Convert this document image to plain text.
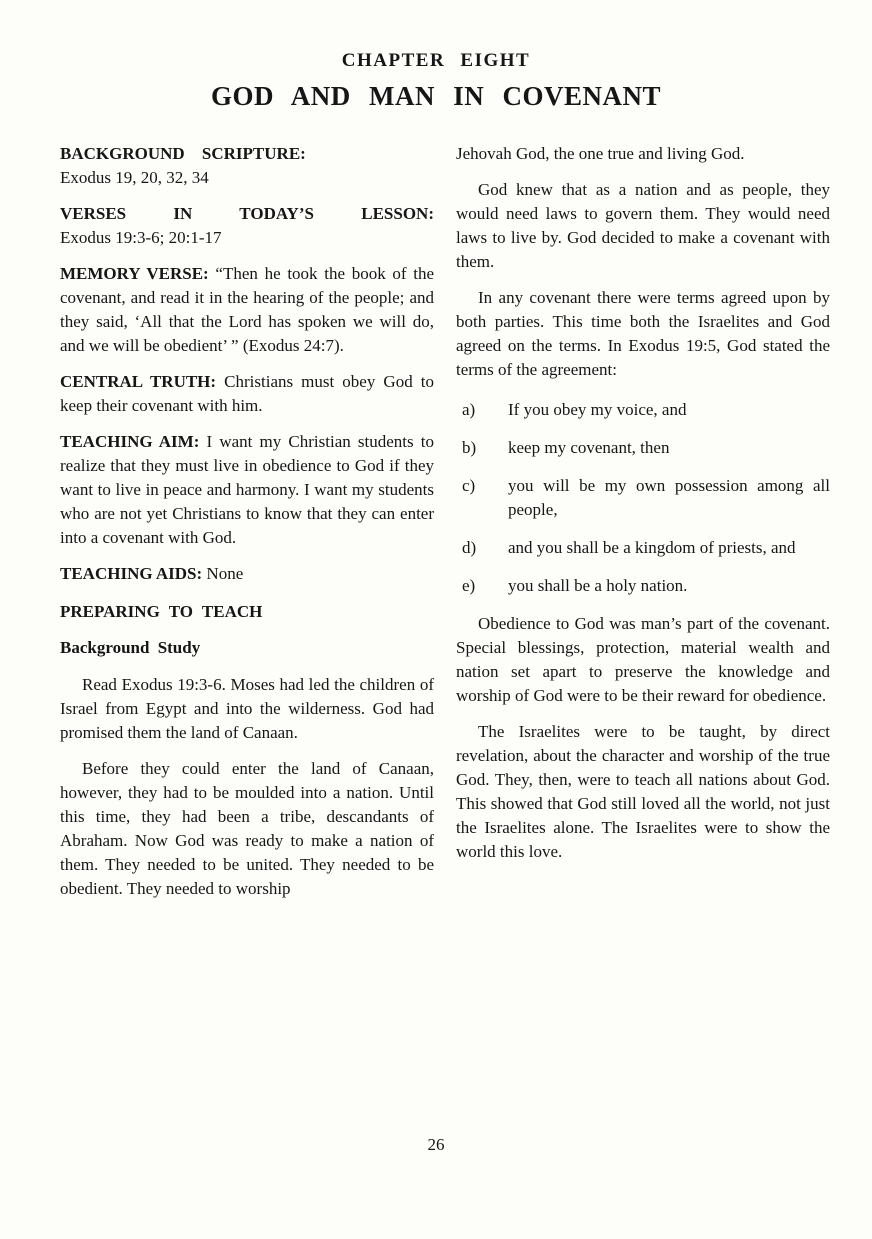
CHAPTER EIGHT
GOD AND MAN IN COVENANT

BACKGROUND SCRIPTURE:
Exodus 19, 20, 32, 34

VERSES IN TODAY’S LESSON:
Exodus 19:3-6; 20:1-17

MEMORY VERSE: “Then he took the book of the covenant, and read it in the hearing of the people; and they said, ‘All that the Lord has spoken we will do, and we will be obedient’ ” (Exodus 24:7).

CENTRAL TRUTH: Christians must obey God to keep their covenant with him.

TEACHING AIM: I want my Christian students to realize that they must live in obedience to God if they want to live in peace and harmony. I want my students who are not yet Christians to know that they can enter into a covenant with God.

TEACHING AIDS: None

PREPARING TO TEACH
Background Study

Read Exodus 19:3-6. Moses had led the children of Israel from Egypt and into the wilderness. God had promised them the land of Canaan.

Before they could enter the land of Canaan, however, they had to be moulded into a nation. Until this time, they had been a tribe, descandants of Abraham. Now God was ready to make a nation of them. They needed to be united. They needed to be obedient. They needed to worship

Jehovah God, the one true and living God.

God knew that as a nation and as people, they would need laws to govern them. They would need laws to live by. God decided to make a covenant with them.

In any covenant there were terms agreed upon by both parties. This time both the Israelites and God agreed on the terms. In Exodus 19:5, God stated the terms of the agreement:

a) If you obey my voice, and
b) keep my covenant, then
c) you will be my own possession among all people,
d) and you shall be a kingdom of priests, and
e) you shall be a holy nation.

Obedience to God was man’s part of the covenant. Special blessings, protection, material wealth and nation set apart to preserve the knowledge and worship of God were to be their reward for obedience.

The Israelites were to be taught, by direct revelation, about the character and worship of the true God. They, then, were to teach all nations about God. This showed that God still loved all the world, not just the Israelites alone. The Israelites were to show the world this love.

26
